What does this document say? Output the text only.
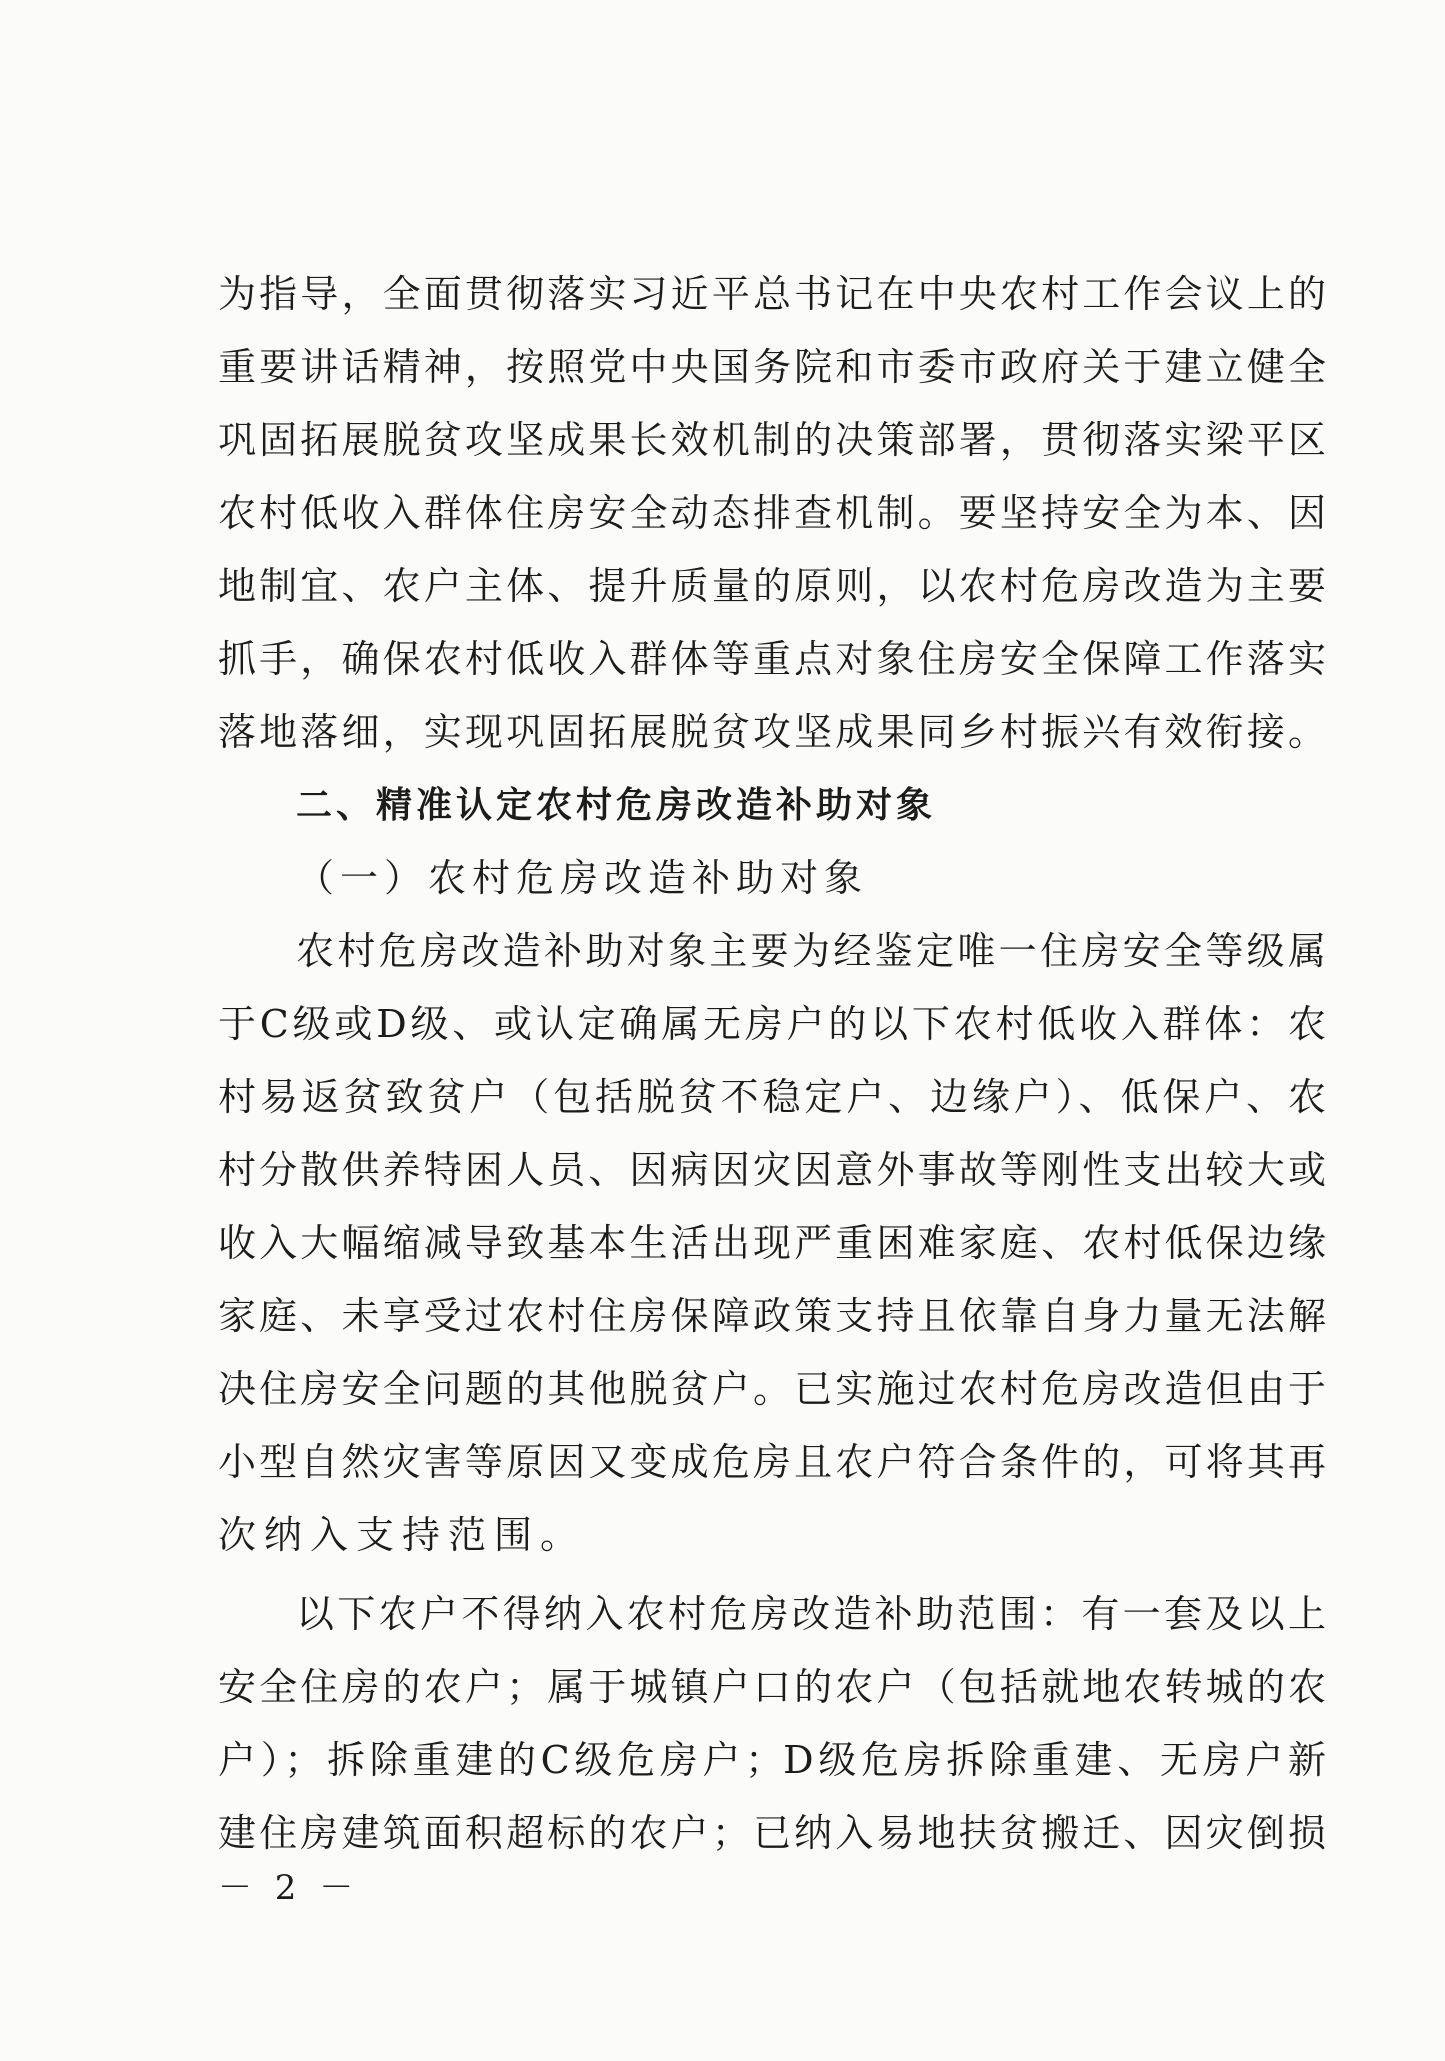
为指导，全面贯彻落实习近平总书记在中央农村工作会议上的
重要讲话精神，按照党中央国务院和市委市政府关于建立健全
巩固拓展脱贫攻坚成果长效机制的决策部署，贯彻落实梁平区
农村低收入群体住房安全动态排查机制。要坚持安全为本、因
地制宜、农户主体、提升质量的原则，以农村危房改造为主要
抓手，确保农村低收入群体等重点对象住房安全保障工作落实
落地落细，实现巩固拓展脱贫攻坚成果同乡村振兴有效衔接。
二、精准认定农村危房改造补助对象
（一）农村危房改造补助对象
农村危房改造补助对象主要为经鉴定唯一住房安全等级属
于C级或D级、或认定确属无房户的以下农村低收入群体：农
村易返贫致贫户（包括脱贫不稳定户、边缘户）、低保户、农
村分散供养特困人员、因病因灾因意外事故等刚性支出较大或
收入大幅缩减导致基本生活出现严重困难家庭、农村低保边缘
家庭、未享受过农村住房保障政策支持且依靠自身力量无法解
决住房安全问题的其他脱贫户。已实施过农村危房改造但由于
小型自然灾害等原因又变成危房且农户符合条件的，可将其再
次纳入支持范围。
以下农户不得纳入农村危房改造补助范围：有一套及以上
安全住房的农户；属于城镇户口的农户（包括就地农转城的农
户）；拆除重建的C级危房户；D级危房拆除重建、无房户新
建住房建筑面积超标的农户；已纳入易地扶贫搬迁、因灾倒损
－ 2 －
